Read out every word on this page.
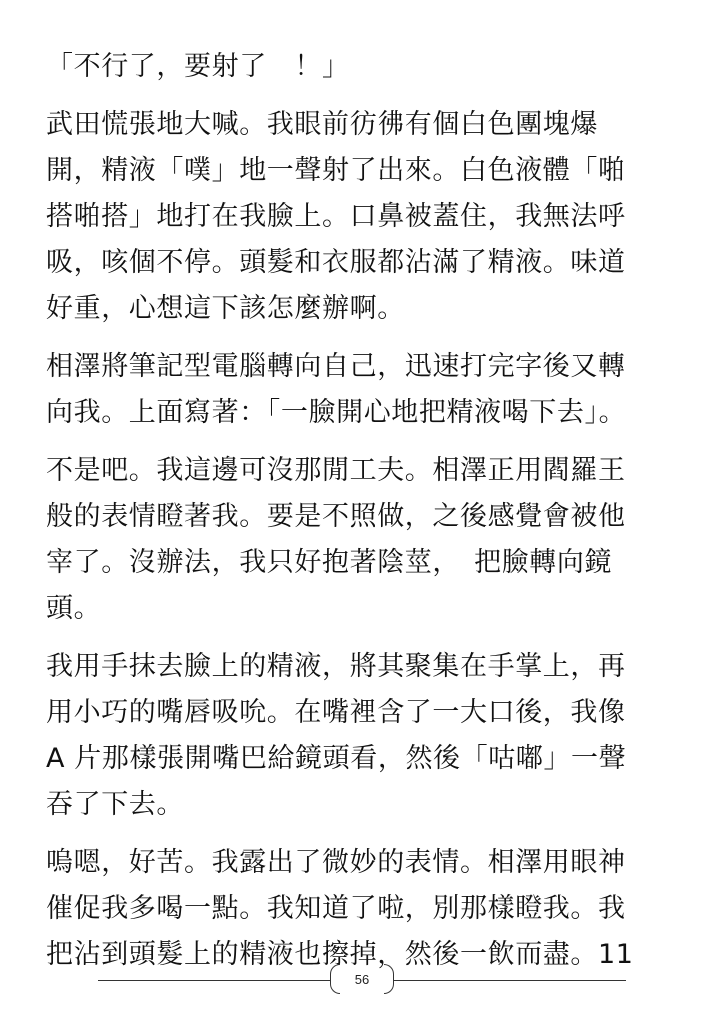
「不行了，要射了　！」

武田慌張地大喊。我眼前彷彿有個白色團塊爆
開，精液「噗」地一聲射了出來。白色液體「啪
搭啪搭」地打在我臉上。口鼻被蓋住，我無法呼
吸，咳個不停。頭髮和衣服都沾滿了精液。味道
好重，心想這下該怎麼辦啊。

相澤將筆記型電腦轉向自己，迅速打完字後又轉
向我。上面寫著：「一臉開心地把精液喝下去」。

不是吧。我這邊可沒那閒工夫。相澤正用閻羅王
般的表情瞪著我。要是不照做，之後感覺會被他
宰了。沒辦法，我只好抱著陰莖，　把臉轉向鏡
頭。

我用手抹去臉上的精液，將其聚集在手掌上，再
用小巧的嘴唇吸吮。在嘴裡含了一大口後，我像
A 片那樣張開嘴巴給鏡頭看，然後「咕嘟」一聲
吞了下去。

嗚嗯，好苦。我露出了微妙的表情。相澤用眼神
催促我多喝一點。我知道了啦，別那樣瞪我。我
把沾到頭髮上的精液也擦掉，然後一飲而盡。11

56
